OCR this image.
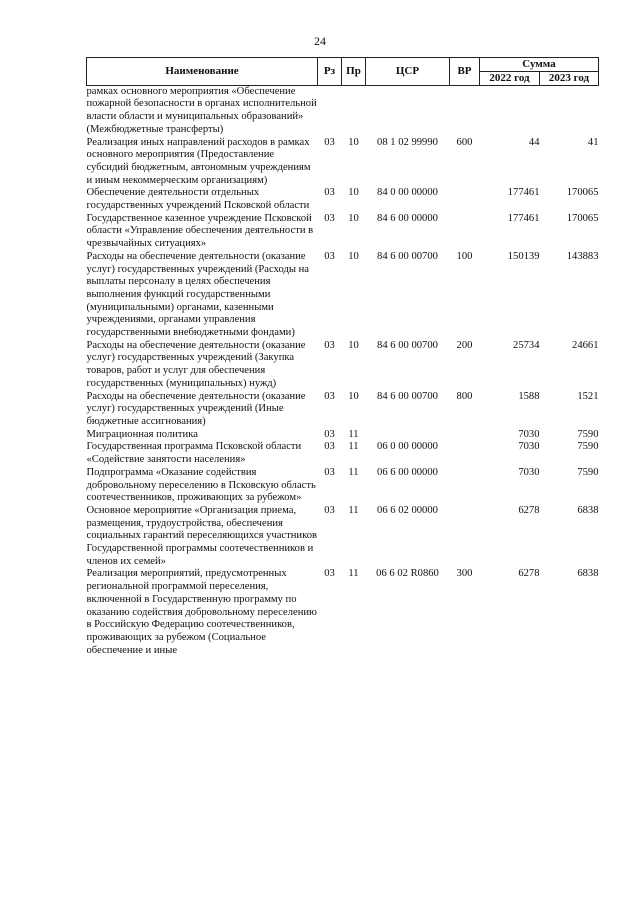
24
Наименование	Рз	Пр	ЦСР	ВР	Сумма	
					2022 год	2023 год
рамках основного мероприятия «Обеспечение пожарной безопасности в органах исполнительной власти области и муниципальных образований» (Межбюджетные трансферты)						
Реализация иных направлений расходов в рамках основного мероприятия (Предоставление субсидий бюджетным, автономным учреждениям и иным некоммерческим организациям)	03	10	08 1 02 99990	600	44	41
Обеспечение деятельности отдельных государственных учреждений Псковской области	03	10	84 0 00 00000		177461	170065
Государственное казенное учреждение Псковской области «Управление обеспечения деятельности в чрезвычайных ситуациях»	03	10	84 6 00 00000		177461	170065
Расходы на обеспечение деятельности (оказание услуг) государственных учреждений (Расходы на выплаты персоналу в целях обеспечения выполнения функций государственными (муниципальными) органами, казенными учреждениями, органами управления государственными внебюджетными фондами)	03	10	84 6 00 00700	100	150139	143883
Расходы на обеспечение деятельности (оказание услуг) государственных учреждений (Закупка товаров, работ и услуг для обеспечения государственных (муниципальных) нужд)	03	10	84 6 00 00700	200	25734	24661
Расходы на обеспечение деятельности (оказание услуг) государственных учреждений (Иные бюджетные ассигнования)	03	10	84 6 00 00700	800	1588	1521
Миграционная политика	03	11			7030	7590
Государственная программа Псковской области «Содействие занятости населения»	03	11	06 0 00 00000		7030	7590
Подпрограмма «Оказание содействия добровольному переселению в Псковскую область соотечественников, проживающих за рубежом»	03	11	06 6 00 00000		7030	7590
Основное мероприятие «Организация приема, размещения, трудоустройства, обеспечения социальных гарантий переселяющихся участников Государственной программы соотечественников и членов их семей»	03	11	06 6 02 00000		6278	6838
Реализация мероприятий, предусмотренных региональной программой переселения, включенной в Государственную программу по оказанию содействия добровольному переселению в Российскую Федерацию соотечественников, проживающих за рубежом (Социальное обеспечение и иные	03	11	06 6 02 R0860	300	6278	6838
